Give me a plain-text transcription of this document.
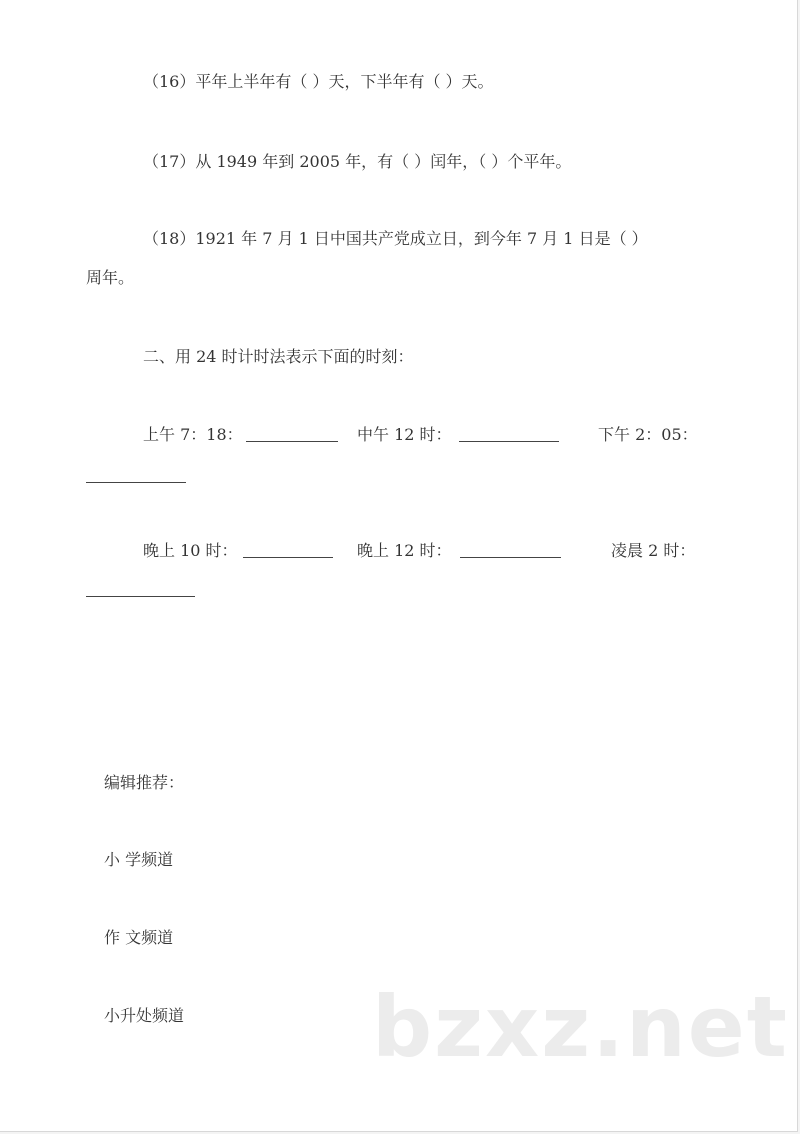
（16）平年上半年有（ ）天，下半年有（ ）天。
（17）从 1949 年到 2005 年，有（ ）闰年，（ ）个平年。
（18）1921 年 7 月 1 日中国共产党成立日，到今年 7 月 1 日是（ ）
周年。
二、用 24 时计时法表示下面的时刻：
上午 7：18：	中午 12 时：	下午 2：05：
晚上 10 时：	晚上 12 时：	凌晨 2 时：
编辑推荐：
小 学频道
作 文频道
小升处频道 bzxz.net
